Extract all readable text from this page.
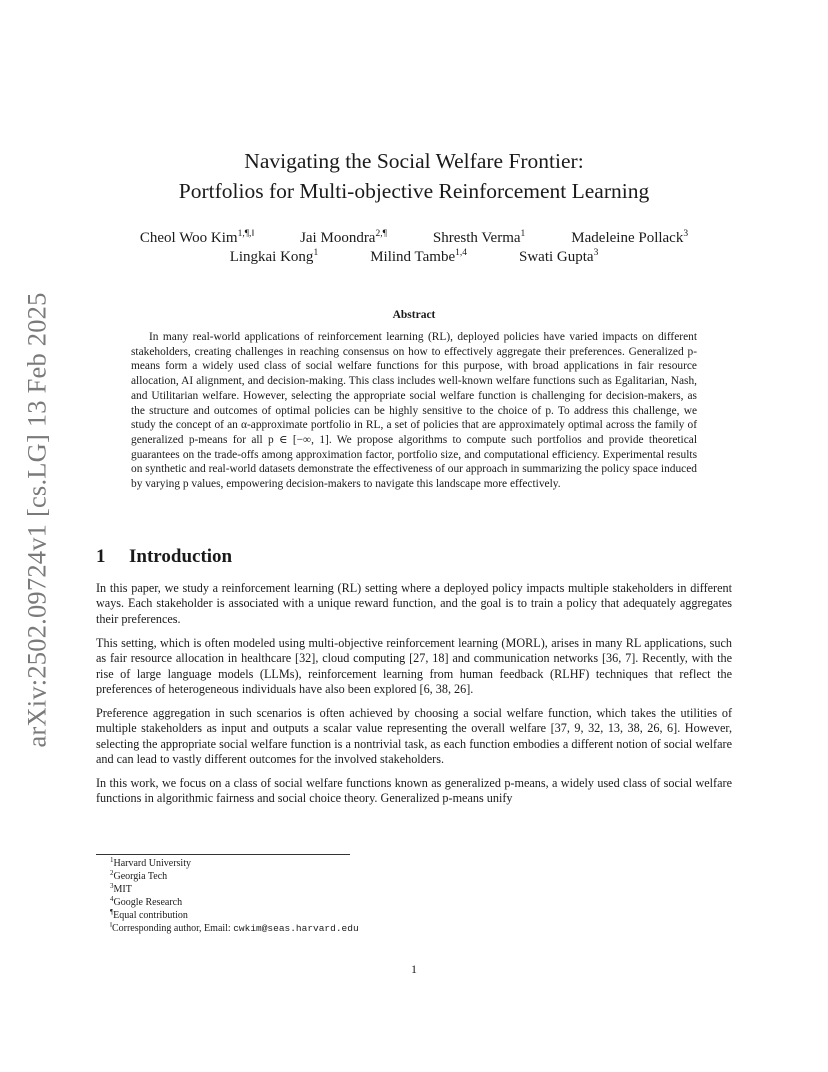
arXiv:2502.09724v1 [cs.LG] 13 Feb 2025
Navigating the Social Welfare Frontier:
Portfolios for Multi-objective Reinforcement Learning
Cheol Woo Kim$^{1,\P,‖}$	Jai Moondra$^{2,\P}$	Shresth Verma$^1$	Madeleine Pollack$^3$
Lingkai Kong$^1$	Milind Tambe$^{1,4}$	Swati Gupta$^3$
Abstract

In many real-world applications of reinforcement learning (RL), deployed policies have varied impacts on different stakeholders, creating challenges in reaching consensus on how to effectively aggregate their preferences. Generalized p-means form a widely used class of social welfare functions for this purpose, with broad applications in fair resource allocation, AI alignment, and decision-making. This class includes well-known welfare functions such as Egalitarian, Nash, and Utilitarian welfare. However, selecting the appropriate social welfare function is challenging for decision-makers, as the structure and outcomes of optimal policies can be highly sensitive to the choice of p. To address this challenge, we study the concept of an α-approximate portfolio in RL, a set of policies that are approximately optimal across the family of generalized p-means for all p ∈ [−∞, 1]. We propose algorithms to compute such portfolios and provide theoretical guarantees on the trade-offs among approximation factor, portfolio size, and computational efficiency. Experimental results on synthetic and real-world datasets demonstrate the effectiveness of our approach in summarizing the policy space induced by varying p values, empowering decision-makers to navigate this landscape more effectively.

1 Introduction

In this paper, we study a reinforcement learning (RL) setting where a deployed policy impacts multiple stakeholders in different ways. Each stakeholder is associated with a unique reward function, and the goal is to train a policy that adequately aggregates their preferences.

This setting, which is often modeled using multi-objective reinforcement learning (MORL), arises in many RL applications, such as fair resource allocation in healthcare [32], cloud computing [27, 18] and communication networks [36, 7]. Recently, with the rise of large language models (LLMs), reinforcement learning from human feedback (RLHF) techniques that reflect the preferences of heterogeneous individuals have also been explored [6, 38, 26].

Preference aggregation in such scenarios is often achieved by choosing a social welfare function, which takes the utilities of multiple stakeholders as input and outputs a scalar value representing the overall welfare [37, 9, 32, 13, 38, 26, 6]. However, selecting the appropriate social welfare function is a nontrivial task, as each function embodies a different notion of social welfare and can lead to vastly different outcomes for the involved stakeholders.

In this work, we focus on a class of social welfare functions known as generalized p-means, a widely used class of social welfare functions in algorithmic fairness and social choice theory. Generalized p-means unify

$^1$Harvard University
$^2$Georgia Tech
$^3$MIT
$^4$Google Research
¶Equal contribution
‖Corresponding author, Email: cwkim@seas.harvard.edu
1
